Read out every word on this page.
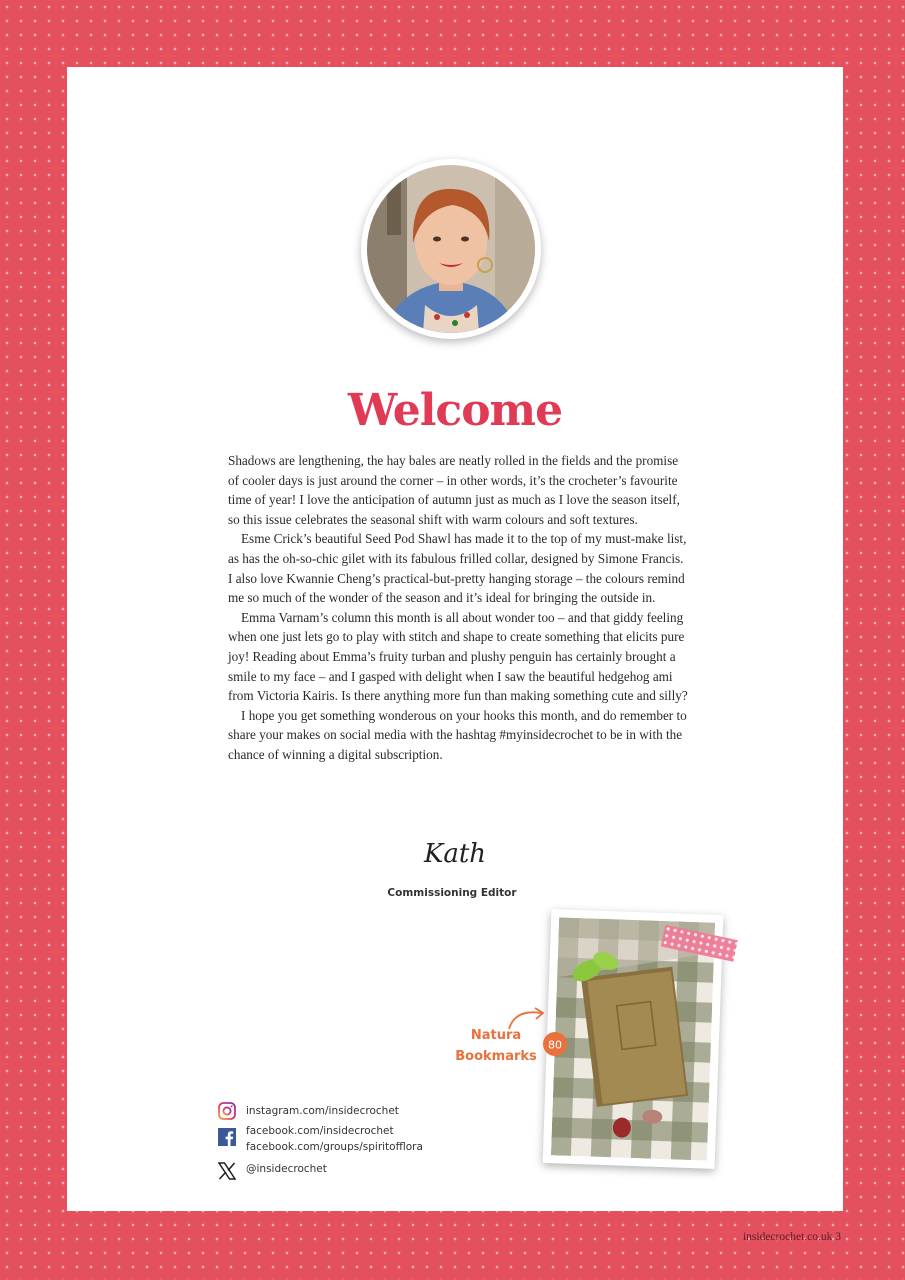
Welcome

Shadows are lengthening, the hay bales are neatly rolled in the fields and the promise of cooler days is just around the corner – in other words, it’s the crocheter’s favourite time of year! I love the anticipation of autumn just as much as I love the season itself, so this issue celebrates the seasonal shift with warm colours and soft textures.

Esme Crick’s beautiful Seed Pod Shawl has made it to the top of my must-make list, as has the oh-so-chic gilet with its fabulous frilled collar, designed by Simone Francis. I also love Kwannie Cheng’s practical-but-pretty hanging storage – the colours remind me so much of the wonder of the season and it’s ideal for bringing the outside in.

Emma Varnam’s column this month is all about wonder too – and that giddy feeling when one just lets go to play with stitch and shape to create something that elicits pure joy! Reading about Emma’s fruity turban and plushy penguin has certainly brought a smile to my face – and I gasped with delight when I saw the beautiful hedgehog ami from Victoria Kairis. Is there anything more fun than making something cute and silly?

I hope you get something wonderous on your hooks this month, and do remember to share your makes on social media with the hashtag #myinsidecrochet to be in with the chance of winning a digital subscription.

Kath
Commissioning Editor
Natura
Bookmarks
80
instagram.com/insidecrochet
facebook.com/insidecrochet
facebook.com/groups/spiritofflora
@insidecrochet
insidecrochet.co.uk 3
